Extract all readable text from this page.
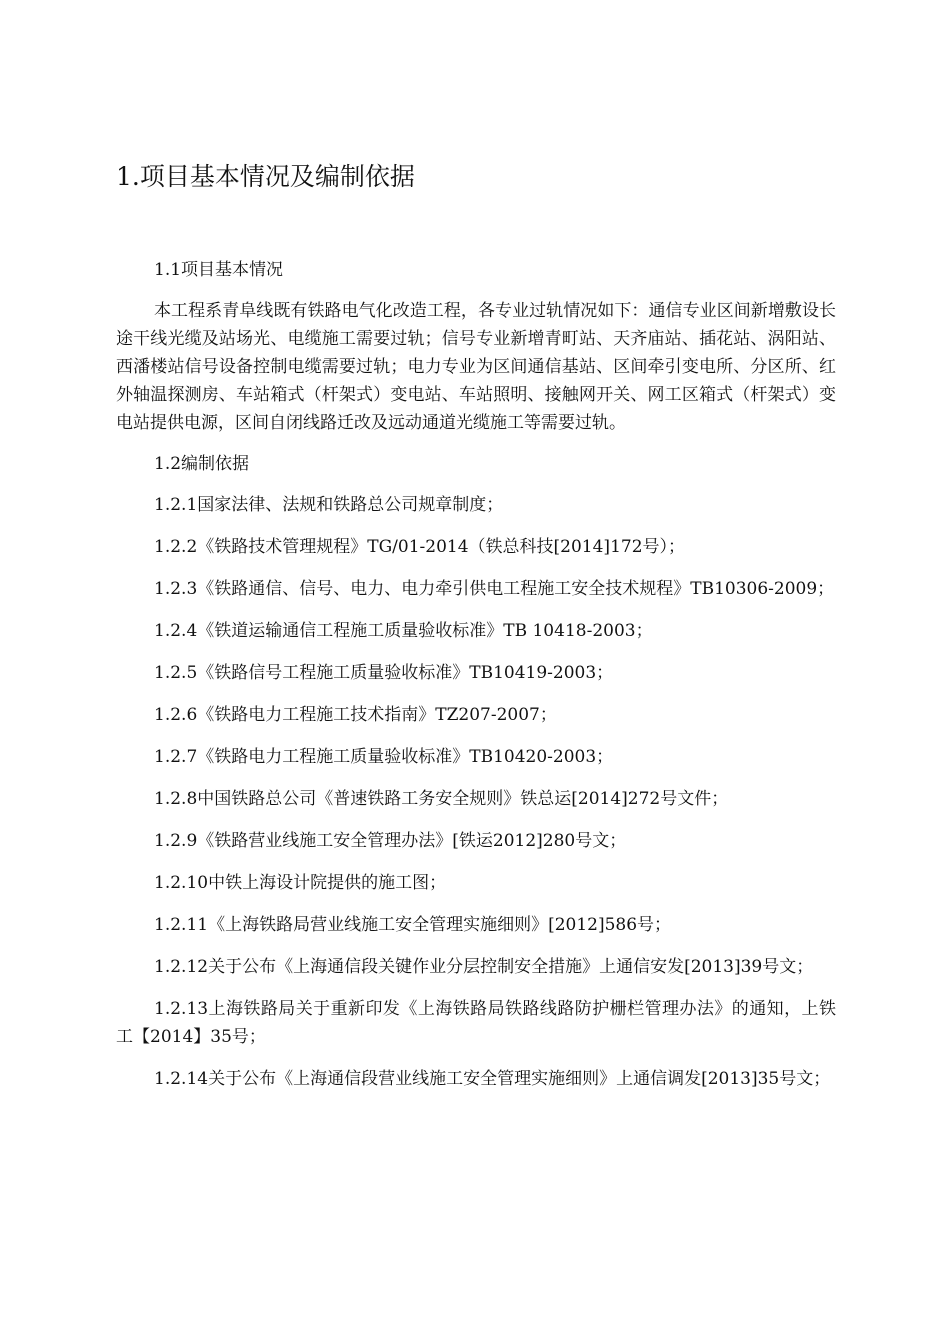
1.项目基本情况及编制依据

1.1项目基本情况

本工程系青阜线既有铁路电气化改造工程，各专业过轨情况如下：通信专业区间新增敷设长途干线光缆及站场光、电缆施工需要过轨；信号专业新增青町站、天齐庙站、插花站、涡阳站、西潘楼站信号设备控制电缆需要过轨；电力专业为区间通信基站、区间牵引变电所、分区所、红外轴温探测房、车站箱式（杆架式）变电站、车站照明、接触网开关、网工区箱式（杆架式）变电站提供电源，区间自闭线路迁改及远动通道光缆施工等需要过轨。

1.2编制依据

1.2.1国家法律、法规和铁路总公司规章制度；

1.2.2《铁路技术管理规程》TG/01-2014（铁总科技[2014]172号）；

1.2.3《铁路通信、信号、电力、电力牵引供电工程施工安全技术规程》TB10306-2009；

1.2.4《铁道运输通信工程施工质量验收标准》TB 10418-2003；

1.2.5《铁路信号工程施工质量验收标准》TB10419-2003；

1.2.6《铁路电力工程施工技术指南》TZ207-2007；

1.2.7《铁路电力工程施工质量验收标准》TB10420-2003；

1.2.8中国铁路总公司《普速铁路工务安全规则》铁总运[2014]272号文件；

1.2.9《铁路营业线施工安全管理办法》[铁运2012]280号文；

1.2.10中铁上海设计院提供的施工图；

1.2.11《上海铁路局营业线施工安全管理实施细则》[2012]586号；

1.2.12关于公布《上海通信段关键作业分层控制安全措施》上通信安发[2013]39号文；

1.2.13上海铁路局关于重新印发《上海铁路局铁路线路防护栅栏管理办法》的通知，上铁工【2014】35号；

1.2.14关于公布《上海通信段营业线施工安全管理实施细则》上通信调发[2013]35号文；
